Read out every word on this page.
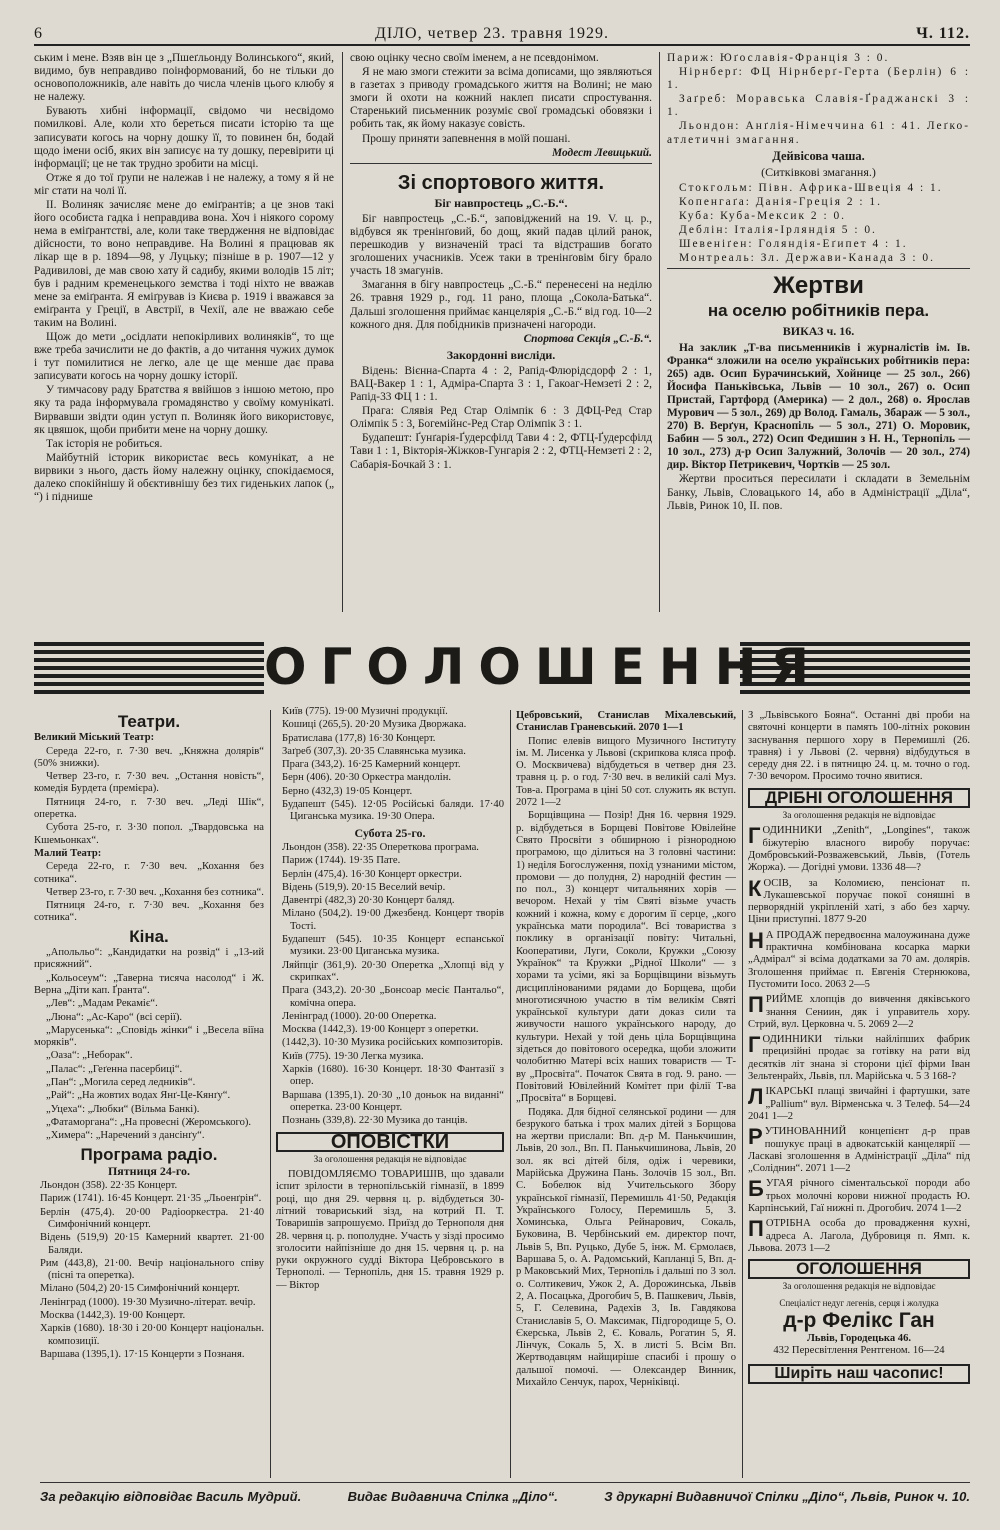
6	ДІЛО, четвер 23. травня 1929.	Ч. 112.

ським і мене. Взяв він це з „Пшеґльонду Волинського“, який, видимо, був неправдиво поінформований, бо не тільки до основоположників, але навіть до числа членів цього клюбу я не належу.

Бувають хибні інформації, свідомо чи несвідомо помилкові. Але, коли хто береться писати історію та ще записувати когось на чорну дошку її, то повинен бн, бодай щодо імени осіб, яких він записує на ту дошку, перевірити ці інформації; це не так трудно зробити на місці.

Отже я до тої ґрупи не належав і не належу, а тому я й не міг стати на чолі її.

II. Волиняк зачисляє мене до еміґрантів; а це знов такі його особиста гадка і неправдива вона. Хоч і ніякого сорому нема в еміґрантстві, але, коли таке твердження не відповідає дійсности, то воно неправдиве. На Волині я працював як лікар ще в р. 1894—98, у Луцьку; пізніше в р. 1907—12 у Радивилові, де мав свою хату й садибу, якими володів 15 літ; був і радним кременецького земства і тоді ніхто не вважав мене за еміґранта. Я еміґрував із Києва р. 1919 і вважався за еміґранта у Греції, в Австрії, в Чехії, але не вважаю себе таким на Волині.

Щож до мети „осідлати непокірливих волиняків“, то ще вже треба зачислити не до фактів, а до читання чужих думок і тут помилитися не легко, але це ще менше дає права записувати когось на чорну дошку історії.

У тимчасову раду Братства я ввійшов з іншою метою, про яку та рада інформувала громадянство у своїму комунікаті. Вирвавши звідти один уступ п. Волиняк його використовує, як цвяшок, щоби прибити мене на чорну дошку.

Так історія не робиться.

Майбутній історик використає весь комунікат, а не вирвики з нього, дасть йому належну оцінку, спокідаємося, далеко спокійнішу й обєктивнішу без тих гиденьких лапок („ “) і піднише

свою оцінку чесно своїм іменем, а не псевдонімом.

Я не маю змоги стежити за всіма дописами, що зявляються в газетах з приводу громадського життя на Волині; не маю змоги й охоти на кожний наклеп писати спростування. Старенький письменник розуміє свої громадські обовязки і робить так, як йому наказує совість.

Прошу приняти запевнення в моїй пошані.

Модест Левицький.
Зі спортового життя.
Біг навпростець „С.-Б.“.

Біг навпростець „С.-Б.“, заповіджений на 19. V. ц. р., відбувся як тренінґовий, бо дощ, який падав цілий ранок, перешкодив у визначеній трасі та відстрашив богато зголошених учасників. Усеж таки в тренінґовім бігу брало участь 18 змагунів.

Змагання в бігу навпростець „С.-Б.“ перенесені на неділю 26. травня 1929 р., год. 11 рано, площа „Сокола-Батька“. Дальші зголошення приймає канцелярія „С.-Б.“ від год. 10—2 кожного дня. Для побідників призначені нагороди.

Спортова Секція „С.-Б.“.
Закордонні висліди.

Відень: Вієнна-Спарта 4 : 2, Рапід-Флюрідсдорф 2 : 1, ВАЦ-Вакер 1 : 1, Адміра-Спарта 3 : 1, Гакоаг-Немзеті 2 : 2, Рапід-33 ФЦ 1 : 1.

Прага: Слявія Ред Стар Олімпік 6 : 3 ДФЦ-Ред Стар Олімпік 5 : 3, Богемійнс-Ред Стар Олімпік 3 : 1.

Будапешт: Ґунґарія-Ґудерсфілд Тави 4 : 2, ФТЦ-Ґудерсфілд Тави 1 : 1, Вікторія-Жіжков-Гунгарія 2 : 2, ФТЦ-Немзеті 2 : 2, Сабарія-Бочкай 3 : 1.

Париж: Юґославія-Франція 3 : 0.

Нірнберґ: ФЦ Нірнберґ-Герта (Берлін) 6 : 1.

Заґреб: Моравська Славія-Ґраджанскі 3 : 1.

Льондон: Анґлія-Німеччина 61 : 41. Леґко-атлетичні змагання.

Дейвісова чаша.
(Ситківкові змагання.)

Стокгольм: Півн. Африка-Швеція 4 : 1.

Копенгаґа: Данія-Греція 2 : 1.

Куба: Куба-Мексик 2 : 0.

Деблін: Італія-Ірляндія 5 : 0.

Шевеніґен: Голяндія-Еґипет 4 : 1.

Монтреаль: Зл. Держави-Канада 3 : 0.

Жертви
на оселю робітників пера.
ВИКАЗ ч. 16.

На заклик „Т-ва письменників і журналістів ім. Ів. Франка“ зложили на оселю українських робітників пера: 265) адв. Осип Бурачинський, Хойнице — 25 зол., 266) Йосифа Паньківська, Львів — 10 зол., 267) о. Осип Пристай, Гартфорд (Америка) — 2 дол., 268) о. Ярослав Мурович — 5 зол., 269) др Волод. Гамаль, Збараж — 5 зол., 270) В. Верґун, Краснопіль — 5 зол., 271) О. Моровик, Бабин — 5 зол., 272) Осип Федишин з Н. Н., Тернопіль — 10 зол., 273) д-р Осип Залужний, Золочів — 20 зол., 274) дир. Віктор Петрикевич, Чортків — 25 зол.

Жертви проситься пересилати і складати в Земельнім Банку, Львів, Словацького 14, або в Адміністрації „Діла“, Львів, Ринок 10, II. пов.

ОГОЛОШЕННЯ
Театри.

Великий Міський Театр:

Середа 22-го, г. 7·30 веч. „Княжна долярів“ (50% знижки).

Четвер 23-го, г. 7·30 веч. „Остання новість“, комедія Бурдета (премієра).

Пятниця 24-го, г. 7·30 веч. „Леді Шік“, оперетка.

Субота 25-го, г. 3·30 попол. „Твардовська на Кшемьонках“.

Малий Театр:

Середа 22-го, г. 7·30 веч. „Кохання без сотника“.

Четвер 23-го, г. 7·30 веч. „Кохання без сотника“.

Пятниця 24-го, г. 7·30 веч. „Кохання без сотника“.

Кіна.

„Апольльо“: „Кандидатки на розвід“ і „13-ий присяжний“.

„Кольосеум“: „Таверна тисяча насолод“ і Ж. Верна „Діти кап. Ґранта“.

„Лев“: „Мадам Рекаміє“.

„Люна“: „Ас-Каро“ (всі серії).

„Марусенька“: „Сповідь жінки“ і „Весела віїна моряків“.

„Оаза“: „Неборак“.

„Палас“: „Геґенна пасербиці“.

„Пан“: „Могила серед ледників“.

„Рай“: „На жовтих водах Янґ-Це-Кянґу“.

„Уцеха“: „Любки“ (Вільма Банкі).

„Фатаморгана“: „На провесні (Жеромського).

„Химера“: „Наречений з дансінґу“.

Програма радіо.
Пятниця 24-го.

Льондон (358). 22·35 Концерт.

Париж (1741). 16·45 Концерт. 21·35 „Льоенґрін“.

Берлін (475,4). 20·00 Радіооркестра. 21·40 Симфонічний концерт.

Відень (519,9) 20·15 Камерний квартет. 21·00 Баляди.

Рим (443,8), 21·00. Вечір національного співу (пісні та оперетка).

Мілано (504,2) 20·15 Симфонічний концерт.

Ленінград (1000). 19·30 Музично-літерат. вечір.

Москва (1442,3). 19·00 Концерт.

Харків (1680). 18·30 і 20·00 Концерт національн. композиції.

Варшава (1395,1). 17·15 Концерти з Познаня.

Київ (775). 19·00 Музичні продукції.

Кошиці (265,5). 20·20 Музика Дворжака.

Братислава (177,8) 16·30 Концерт.

Заґреб (307,3). 20·35 Славянська музика.

Прага (343,2). 16·25 Камерний концерт.

Берн (406). 20·30 Оркестра мандолін.

Берно (432,3) 19·05 Концерт.

Будапешт (545). 12·05 Російські баляди. 17·40 Циганська музика. 19·30 Опера.

Субота 25-го.

Льондон (358). 22·35 Опереткова програма.

Париж (1744). 19·35 Пате.

Берлін (475,4). 16·30 Концерт оркестри.

Відень (519,9). 20·15 Веселий вечір.

Давентрі (482,3) 20·30 Концерт баляд.

Мілано (504,2). 19·00 Джезбенд. Концерт творів Тості.

Будапешт (545). 10·35 Концерт еспанської музики. 23·00 Циганська музика.

Ляйпціг (361,9). 20·30 Оперетка „Хлопці від у скрипках“.

Прага (343,2). 20·30 „Бонсоар месіє Пантальо“, комічна опера.

Ленінград (1000). 20·00 Оперетка.

Москва (1442,3). 19·00 Концерт з оперетки.

(1442,3). 10·30 Музика російських композиторів.

Київ (775). 19·30 Легка музика.

Харків (1680). 16·30 Концерт. 18·30 Фантазії з опер.

Варшава (1395,1). 20·30 „10 доньок на виданні“ оперетка. 23·00 Концерт.

Познань (339,8). 22·30 Музика до танців.

ОПОВІСТКИ
За оголошення редакція не відповідає

ПОВІДОМЛЯЄМО ТОВАРИШІВ, що здавали іспит зрілости в тернопільській гімназії, в 1899 році, що дня 29. червня ц. р. відбудеться 30-літний товариський зізд, на котрий П. Т. Товаришів запрошуємо. Приїзд до Тернополя дня 28. червня ц. р. пополудне. Участь у зізді просимо зголосити найпізніше до дня 15. червня ц. р. на руки окружного судді Віктора Цебровського в Тернополі. — Тернопіль, дня 15. травня 1929 р. — Віктор

Цебровський, Станислав Міхалевський, Станислав Граневський. 2070 1—1

Попис елевів вищого Музичного Інституту ім. М. Лисенка у Львові (скрипкова кляса проф. О. Москвичева) відбудеться в четвер дня 23. травня ц. р. о год. 7·30 веч. в великій салі Муз. Тов-а. Програма в ціні 50 сот. служить як вступ. 2072 1—2

Борщівщина — Позір! Дня 16. червня 1929. р. відбудеться в Борщеві Повітове Ювілейне Свято Просвіти з обширною і різнородною програмою, що ділиться на 3 головні частини: 1) неділя Богослуження, похід узнаними містом, промови — до полудня, 2) народній фестин — по пол., 3) концерт читальняних хорів — вечором. Нехай у тім Святі візьме участь кожний і кожна, кому є дорогим її серце, „кого українська мати породила“. Всі товариства з поклику в організації повіту: Читальні, Кооперативи, Луги, Соколи, Кружки „Союзу Українок“ та Кружки „Рідної Школи“ — з хорами та усіми, які за Борщівщини візьмуть дисциплінованими рядами до Борщева, щоби многотисячною участю в тім великім Святі української культури дати доказ сили та живучости нашого українського народу, до культури. Нехай у той день ціла Борщівщина зідеться до повітового осередка, щоби зложити чолобитню Матері всіх наших товариств — Т-ву „Просвіта“. Початок Свята в год. 9. рано. — Повітовий Ювілейний Комітет при філії Т-ва „Просвіта“ в Борщеві.

Подяка. Для бідної селянської родини — для безрукого батька і трох малих дітей з Борщова на жертви прислали: Вп. д-р М. Панькчишин, Львів, 20 зол., Вп. П. Панькчишинова, Львів, 20 зол. як всі дітей біля, одіж і черевики, Марійська Дружина Пань. Золочів 15 зол., Вп. С. Бобелюк від Учительського Збору української гімназії, Перемишль 41·50, Редакція Українського Голосу, Перемишль 5, З. Хоминська, Ольга Рейнарович, Сокаль, Буковина, В. Чербінський ем. директор почт, Львів 5, Вп. Руцько, Дубе 5, інж. М. Єрмолаєв, Варшава 5, о. А. Радомський, Капланці 5, Вп. д-р Маковський Мих, Тернопіль і дальші по 3 зол. о. Солтикевич, Ужок 2, А. Дорожинська, Львів 2, А. Посацька, Дрогобич 5, В. Пашкевич, Львів, 5, Г. Селевина, Радехів 3, Ів. Гавдякова Станиславів 5, О. Максимак, Підгородище 5, О. Єкерська, Львів 2, Є. Коваль, Рогатин 5, Я. Лінчук, Сокаль 5, Х. в листі 5. Всім Вп. Жертводавцям найщиріше спасибі і прошу о дальшої помочі. — Олександер Винник, Михайло Сенчук, парох, Черніківці.

З „Львівського Бояна“. Останні дві проби на святочні концерти в память 100-літніх роковин заснування першого хору в Перемишлі (26. травня) і у Львові (2. червня) відбудуться в середу дня 22. і в пятницю 24. ц. м. точно о год. 7·30 вечором. Просимо точно явитися.

ДРІБНІ ОГОЛОШЕННЯ
За оголошення редакція не відповідає

ГОДИННИКИ „Zenith“, „Longines“, також біжутерію власного виробу поручає: Домбровський-Розважевський, Львів, (Готель Жоржа). — Догідні умови. 1336 48—?

КОСІВ, за Коломиєю, пенсіонат п. Лукашевської поручає покої соняшні в перворядній укріпленій хаті, з або без харчу. Ціни приступні. 1877 9-20

Н А ПРОДАЖ передвоєнна малоужинана дуже практична комбінована косарка марки „Адмірал“ зі всіма додатками за 70 ам. долярів. Зголошення приймає п. Евгенія Стернюкова, Пустомити Іосо. 2063 2—5

ПРИЙМЕ хлопців до вивчення дяківського знання Сениин, дяк і управитель хору. Стрий, вул. Церковна ч. 5. 2069 2—2

ГОДИННИКИ тільки найліпших фабрик прецизійні продає за готівку на рати від десятків літ знана зі сторони цієї фірми Іван Зельтенрайх, Львів, пл. Марійська ч. 5 3 168-?

ЛІКАРСЬКІ плащі звичайні і фартушки, зате „Pallium“ вул. Вірменська ч. 3 Телеф. 54—24 2041 1—2

РУТИНОВАННИЙ концепієнт д-р прав пошукує праці в адвокатській канцелярії — Ласкаві зголошення в Адміністрації „Діла“ під „Соліднин“. 2071 1—2

БУГАЯ річного сіментальської породи або трьох молочні корови нижної продасть Ю. Карпінський, Гаї нижні п. Дрогобич. 2074 1—2

ПОТРІБНА особа до провадження кухні, адреса А. Лагола, Дубровиця п. Ямп. к. Львова. 2073 1—2

ОГОЛОШЕННЯ
За оголошення редакція не відповідає
Спеціаліст недуг легенів, серця і жолудка
д-р Фелікс Ган
Львів, Городецька 46.
432 Пересвітлення Рентгеном. 16—24
Ширіть наш часопис!
За редакцію відповідає Василь Мудрий.	Видає Видавнича Спілка „Діло“.	З друкарні Видавничої Спілки „Діло“, Львів, Ринок ч. 10.
